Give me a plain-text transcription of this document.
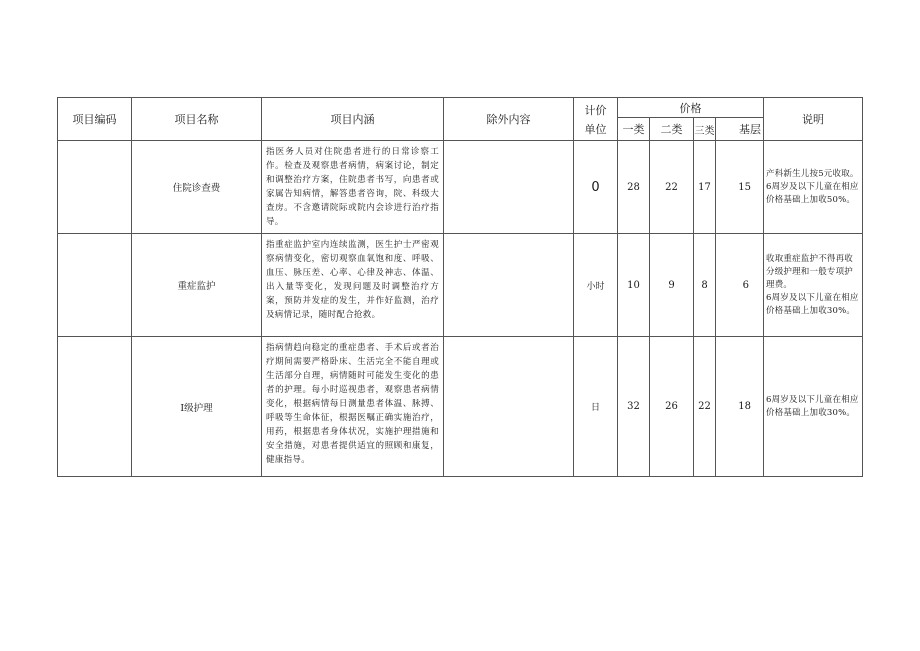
项目编码	项目名称	项目内涵	除外内容	计价
单位	价格				说明
					一类	二类	三类	基层	
	住院诊查费	指医务人员对住院患者进行的日常诊察工作。检查及观察患者病情，病案讨论，制定和调整治疗方案，住院患者书写，向患者或家属告知病情，解答患者咨询，院、科级大查房。不含邀请院际或院内会诊进行治疗指导。		0	28	22	17	15	产科新生儿按5元收取。
6周岁及以下儿童在相应价格基础上加收50%。

	重症监护	指重症监护室内连续监测，医生护士严密观察病情变化，密切观察血氧饱和度、呼吸、血压、脉压差、心率、心律及神志、体温、出入量等变化，发现问题及时调整治疗方案，预防并发症的发生，并作好监测，治疗及病情记录，随时配合抢救。		小时	10	9	8	6	收取重症监护不得再收分级护理和一般专项护理费。
6周岁及以下儿童在相应价格基础上加收30%。

	I级护理	指病情趋向稳定的重症患者、手术后或者治疗期间需要严格卧床、生活完全不能自理或生活部分自理，病情随时可能发生变化的患者的护理。每小时巡视患者，观察患者病情变化，根据病情每日测量患者体温、脉搏、呼吸等生命体征，根据医嘱正确实施治疗，用药，根据患者身体状况，实施护理措施和安全措施，对患者提供适宜的照顾和康复，健康指导。		日	32	26	22	18	6周岁及以下儿童在相应价格基础上加收30%。
